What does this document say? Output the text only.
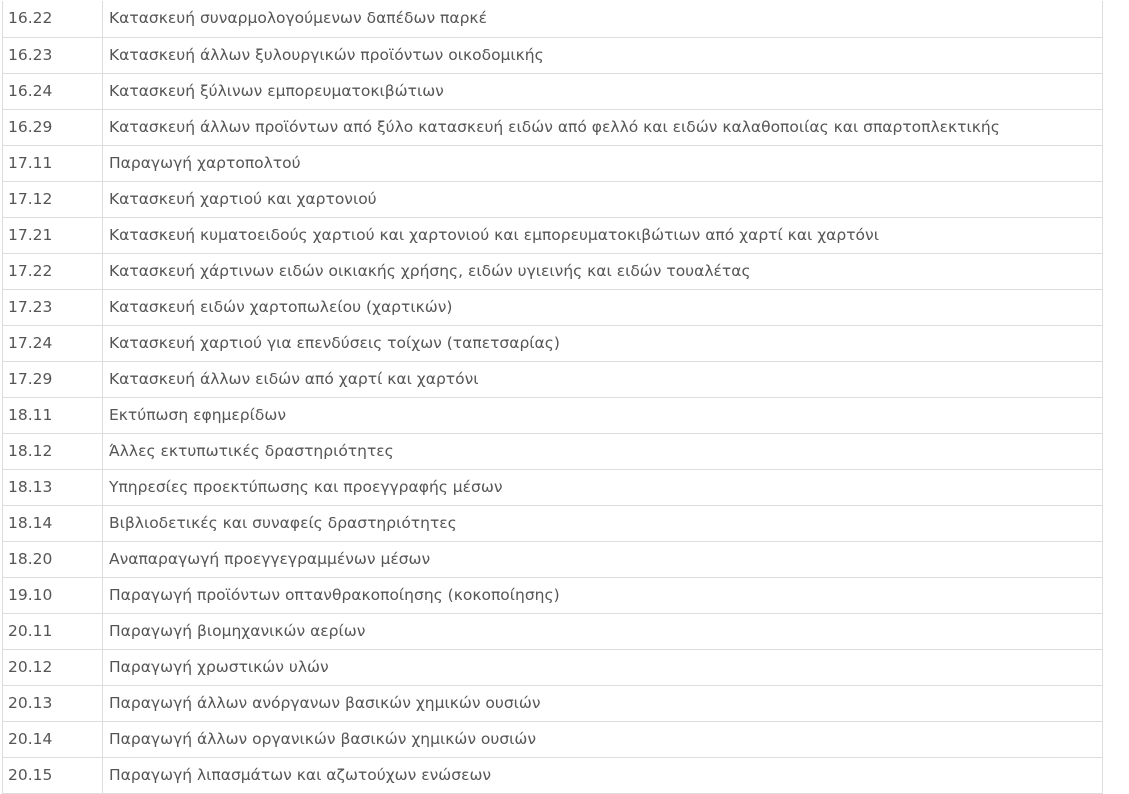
16.22	Κατασκευή συναρμολογούμενων δαπέδων παρκέ
16.23	Κατασκευή άλλων ξυλουργικών προϊόντων οικοδομικής
16.24	Κατασκευή ξύλινων εμπορευματοκιβώτιων
16.29	Κατασκευή άλλων προϊόντων από ξύλο κατασκευή ειδών από φελλό και ειδών καλαθοποιίας και σπαρτοπλεκτικής
17.11	Παραγωγή χαρτοπολτού
17.12	Κατασκευή χαρτιού και χαρτονιού
17.21	Κατασκευή κυματοειδούς χαρτιού και χαρτονιού και εμπορευματοκιβώτιων από χαρτί και χαρτόνι
17.22	Κατασκευή χάρτινων ειδών οικιακής χρήσης, ειδών υγιεινής και ειδών τουαλέτας
17.23	Κατασκευή ειδών χαρτοπωλείου (χαρτικών)
17.24	Κατασκευή χαρτιού για επενδύσεις τοίχων (ταπετσαρίας)
17.29	Κατασκευή άλλων ειδών από χαρτί και χαρτόνι
18.11	Εκτύπωση εφημερίδων
18.12	Άλλες εκτυπωτικές δραστηριότητες
18.13	Υπηρεσίες προεκτύπωσης και προεγγραφής μέσων
18.14	Βιβλιοδετικές και συναφείς δραστηριότητες
18.20	Αναπαραγωγή προεγγεγραμμένων μέσων
19.10	Παραγωγή προϊόντων οπτανθρακοποίησης (κοκοποίησης)
20.11	Παραγωγή βιομηχανικών αερίων
20.12	Παραγωγή χρωστικών υλών
20.13	Παραγωγή άλλων ανόργανων βασικών χημικών ουσιών
20.14	Παραγωγή άλλων οργανικών βασικών χημικών ουσιών
20.15	Παραγωγή λιπασμάτων και αζωτούχων ενώσεων
